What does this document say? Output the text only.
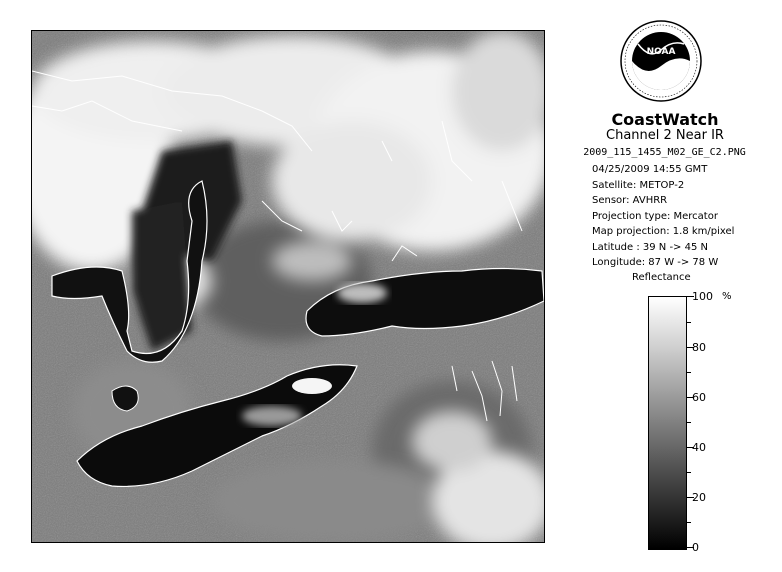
NOAA
CoastWatch
Channel 2 Near IR
2009_115_1455_M02_GE_C2.PNG
04/25/2009 14:55 GMT
Satellite: METOP-2
Sensor: AVHRR
Projection type: Mercator
Map projection: 1.8 km/pixel
Latitude : 39 N -> 45 N
Longitude: 87 W -> 78 W
Reflectance
%
100
80
60
40
20
0
